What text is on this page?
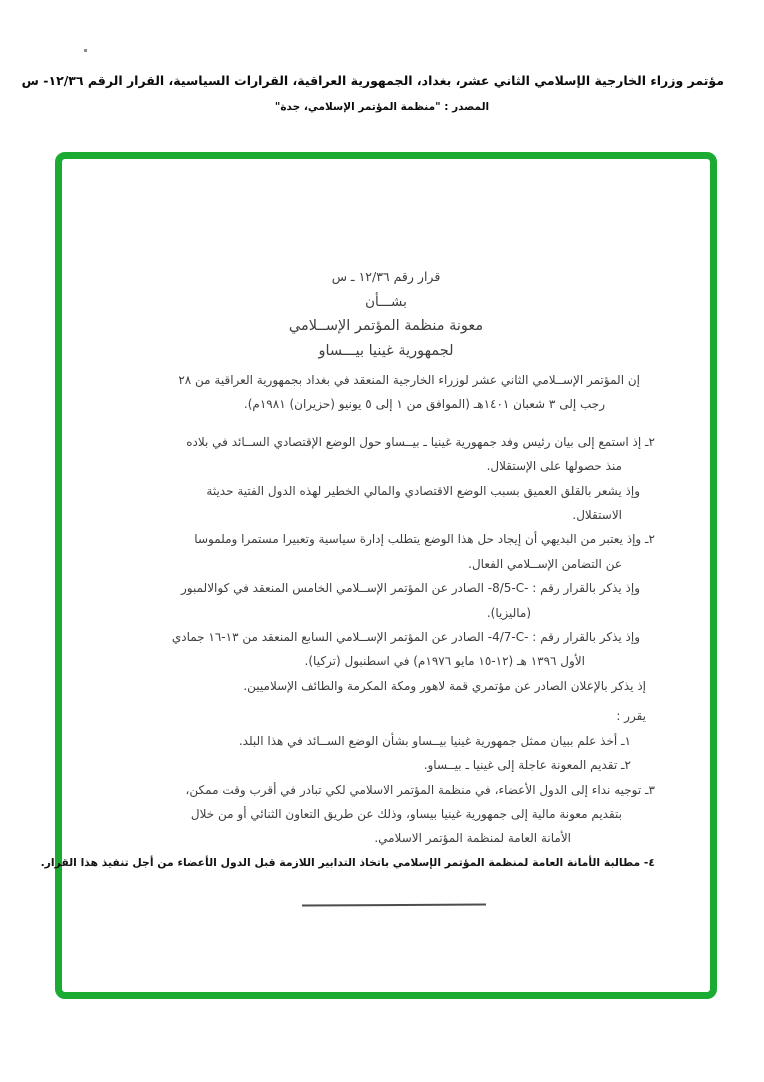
مؤتمر وزراء الخارجية الإسلامي الثاني عشر، بغداد، الجمهورية العراقية، القرارات السياسية، القرار الرقم ١٢/٣٦- س
المصدر : "منظمة المؤتمر الإسلامي، جدة"
قرار رقم ١٢/٣٦ ـ س
بشـــأن
معونة منظمة المؤتمر الإســلامي
لجمهورية غينيا بيـــساو
إن المؤتمر الإســلامي الثاني عشر لوزراء الخارجية المنعقد في بغداد بجمهورية العراقية من ٢٨
رجب إلى ٣ شعبان ١٤٠١هـ (الموافق من ١ إلى ٥ يونيو (حزيران) ١٩٨١م).
٢ـ إذ استمع إلى بيان رئيس وفد جمهورية غينيا ـ بيــساو حول الوضع الإقتصادي الســائد في بلاده
منذ حصولها على الإستقلال.
وإذ يشعر بالقلق العميق بسبب الوضع الاقتصادي والمالي الخطير لهذه الدول الفتية حديثة
الاستقلال.
٢ـ وإذ يعتبر من البديهي أن إيجاد حل هذا الوضع يتطلب إدارة سياسية وتعبيرا مستمرا وملموسا
عن التضامن الإســلامي الفعال.
وإذ يذكر بالقرار رقم : ‎-8/5-C-‎ الصادر عن المؤتمر الإســلامي الخامس المنعقد في كوالالمبور
(ماليزيا).
وإذ يذكر بالقرار رقم : ‎-4/7-C-‎ الصادر عن المؤتمر الإســلامي السابع المنعقد من ١٣-١٦ جمادي
الأول ١٣٩٦ هـ (١٢-١٥ مايو ١٩٧٦م) في اسطنبول (تركيا).
إذ يذكر بالإعلان الصادر عن مؤتمري قمة لاهور ومكة المكرمة والطائف الإسلاميين.
يقرر :
١ـ أخذ علم ببيان ممثل جمهورية غينيا بيــساو بشأن الوضع الســائد في هذا البلد.
٢ـ تقديم المعونة عاجلة إلى غينيا ـ بيــساو.
٣ـ توجيه نداء إلى الدول الأعضاء، في منظمة المؤتمر الاسلامي لكي تبادر في أقرب وقت ممكن،
بتقديم معونة مالية إلى جمهورية غينيا بيساو، وذلك عن طريق التعاون الثنائي أو من خلال
الأمانة العامة لمنظمة المؤتمر الاسلامي.
٤- مطالبة الأمانة العامة لمنظمة المؤتمر الإسلامي باتخاذ التدابير اللازمة قبل الدول الأعضاء من أجل تنفيذ هذا القرار.
